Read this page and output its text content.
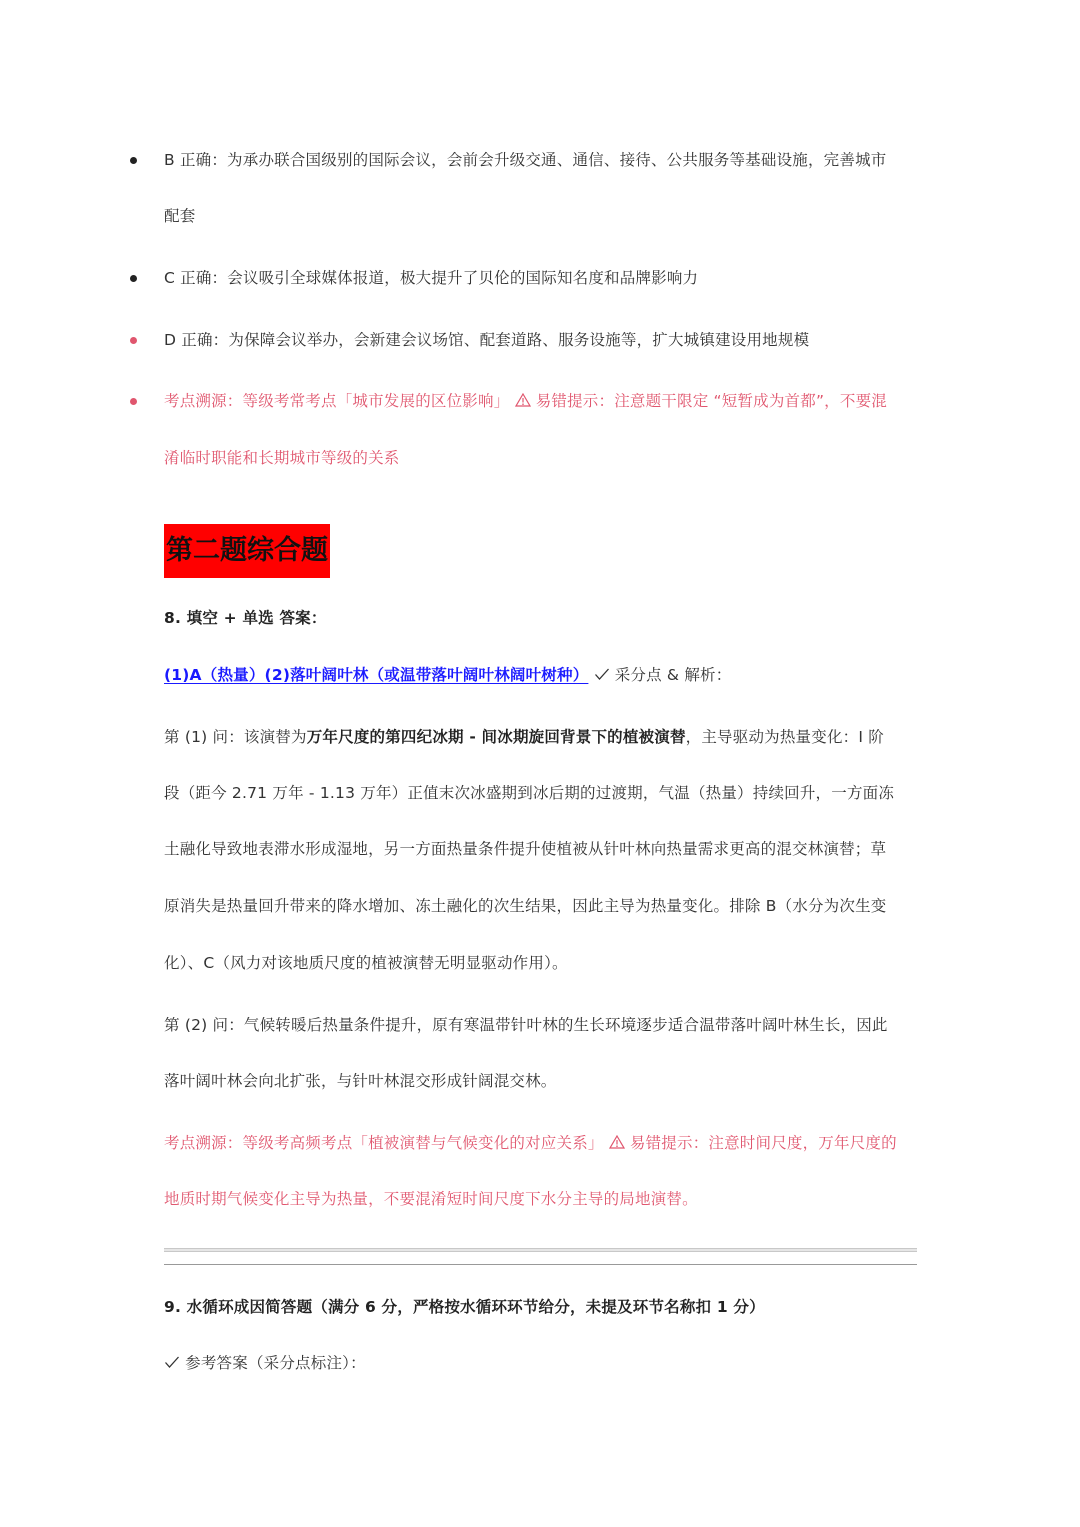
B 正确：为承办联合国级别的国际会议，会前会升级交通、通信、接待、公共服务等基础设施，完善城市
配套
C 正确：会议吸引全球媒体报道，极大提升了贝伦的国际知名度和品牌影响力
D 正确：为保障会议举办，会新建会议场馆、配套道路、服务设施等，扩大城镇建设用地规模
考点溯源：等级考常考点「城市发展的区位影响」  易错提示：注意题干限定 “短暂成为首都”，不要混
淆临时职能和长期城市等级的关系
第二题综合题
8. 填空 + 单选 答案：
(1)A（热量）(2)落叶阔叶林（或温带落叶阔叶林阔叶树种）  采分点 & 解析：
第 (1) 问：该演替为万年尺度的第四纪冰期 - 间冰期旋回背景下的植被演替，主导驱动为热量变化：Ⅰ 阶
段（距今 2.71 万年 - 1.13 万年）正值末次冰盛期到冰后期的过渡期，气温（热量）持续回升，一方面冻
土融化导致地表滞水形成湿地，另一方面热量条件提升使植被从针叶林向热量需求更高的混交林演替；草
原消失是热量回升带来的降水增加、冻土融化的次生结果，因此主导为热量变化。排除 B（水分为次生变
化）、C（风力对该地质尺度的植被演替无明显驱动作用）。
第 (2) 问：气候转暖后热量条件提升，原有寒温带针叶林的生长环境逐步适合温带落叶阔叶林生长，因此
落叶阔叶林会向北扩张，与针叶林混交形成针阔混交林。
考点溯源：等级考高频考点「植被演替与气候变化的对应关系」  易错提示：注意时间尺度，万年尺度的
地质时期气候变化主导为热量，不要混淆短时间尺度下水分主导的局地演替。
9. 水循环成因简答题（满分 6 分，严格按水循环环节给分，未提及环节名称扣 1 分）
参考答案（采分点标注）：
